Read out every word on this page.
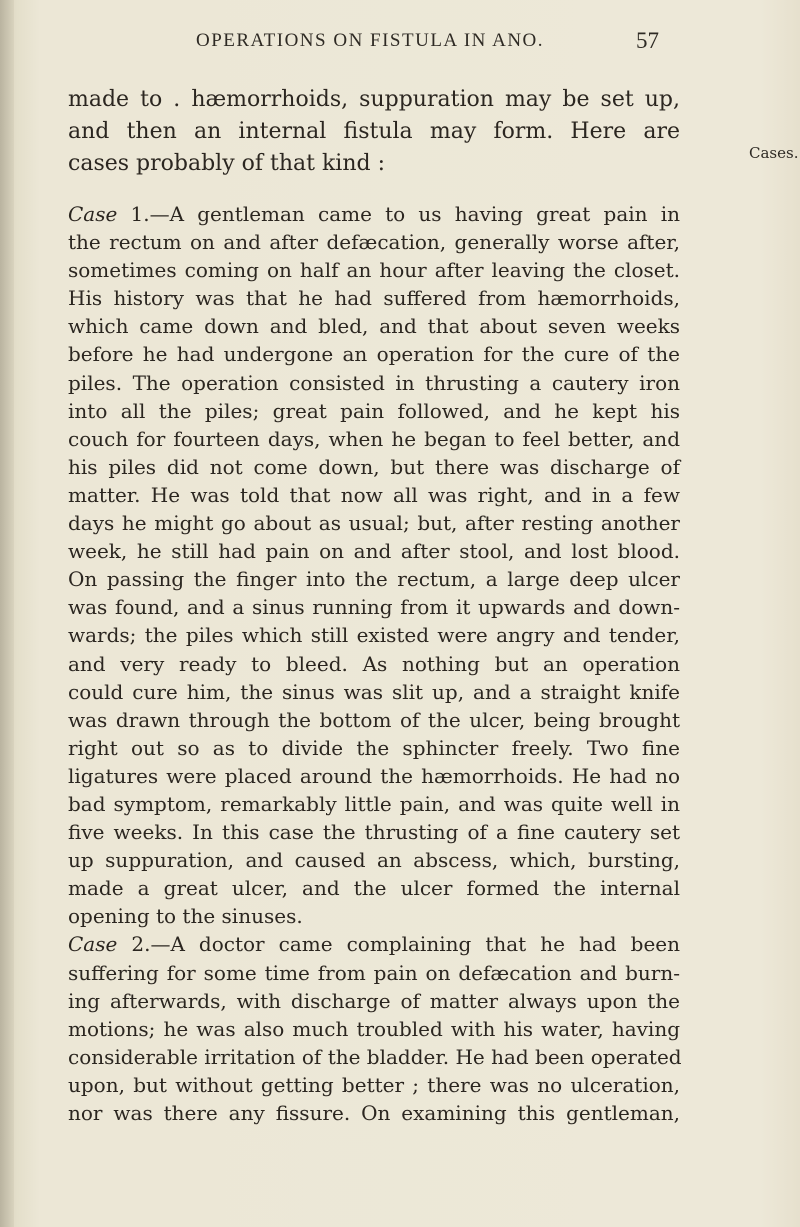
OPERATIONS ON FISTULA IN ANO.	57
Cases.
made to . hæmorrhoids, suppuration may be set up,
and then an internal fistula may form. Here are
cases probably of that kind :
Case 1.—A gentleman came to us having great pain in
the rectum on and after defæcation, generally worse after,
sometimes coming on half an hour after leaving the closet.
His history was that he had suffered from hæmorrhoids,
which came down and bled, and that about seven weeks
before he had undergone an operation for the cure of the
piles. The operation consisted in thrusting a cautery iron
into all the piles; great pain followed, and he kept his
couch for fourteen days, when he began to feel better, and
his piles did not come down, but there was discharge of
matter. He was told that now all was right, and in a few
days he might go about as usual; but, after resting another
week, he still had pain on and after stool, and lost blood.
On passing the finger into the rectum, a large deep ulcer
was found, and a sinus running from it upwards and down-
wards; the piles which still existed were angry and tender,
and very ready to bleed. As nothing but an operation
could cure him, the sinus was slit up, and a straight knife
was drawn through the bottom of the ulcer, being brought
right out so as to divide the sphincter freely. Two fine
ligatures were placed around the hæmorrhoids. He had no
bad symptom, remarkably little pain, and was quite well in
five weeks. In this case the thrusting of a fine cautery set
up suppuration, and caused an abscess, which, bursting,
made a great ulcer, and the ulcer formed the internal
opening to the sinuses.
Case 2.—A doctor came complaining that he had been
suffering for some time from pain on defæcation and burn-
ing afterwards, with discharge of matter always upon the
motions; he was also much troubled with his water, having
considerable irritation of the bladder. He had been operated
upon, but without getting better ; there was no ulceration,
nor was there any fissure. On examining this gentleman,
